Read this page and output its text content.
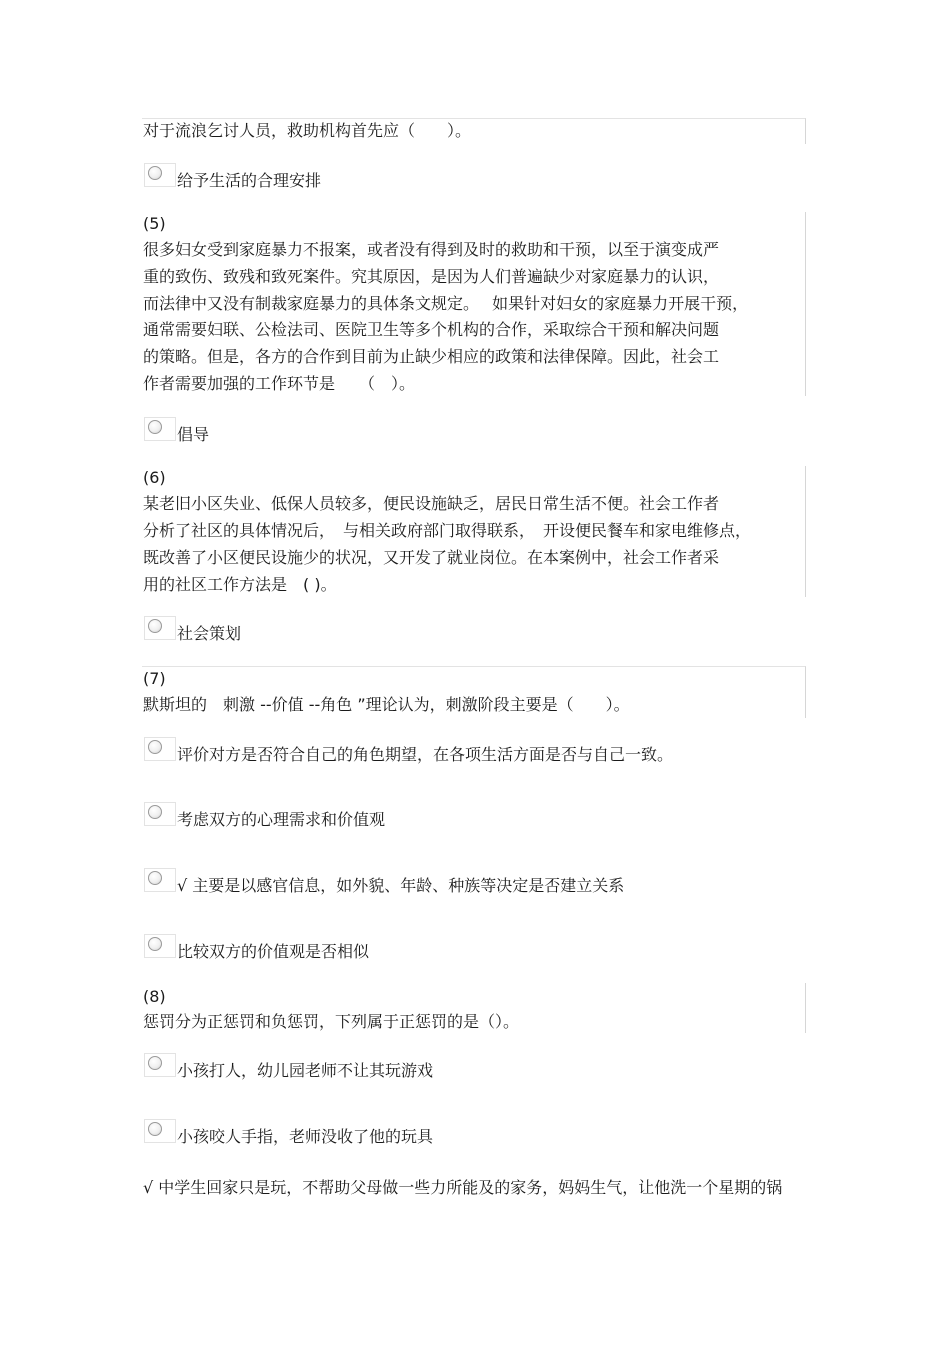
对于流浪乞讨人员，救助机构首先应（　　）。
给予生活的合理安排
(5)
很多妇女受到家庭暴力不报案，或者没有得到及时的救助和干预，以至于演变成严
重的致伤、致残和致死案件。究其原因，是因为人们普遍缺少对家庭暴力的认识，
而法律中又没有制裁家庭暴力的具体条文规定。　 如果针对妇女的家庭暴力开展干预，
通常需要妇联、公检法司、医院卫生等多个机构的合作，采取综合干预和解决问题
的策略。但是，各方的合作到目前为止缺少相应的政策和法律保障。因此，社会工
作者需要加强的工作环节是　　（　）。
倡导
(6)
某老旧小区失业、低保人员较多，便民设施缺乏，居民日常生活不便。社会工作者
分析了社区的具体情况后，　与相关政府部门取得联系，　开设便民餐车和家电维修点，
既改善了小区便民设施少的状况，又开发了就业岗位。在本案例中，社会工作者采
用的社区工作方法是　( )。
社会策划
(7)
默斯坦的　刺激 --价值 --角色 ”理论认为，刺激阶段主要是（　　）。
评价对方是否符合自己的角色期望，在各项生活方面是否与自己一致。
考虑双方的心理需求和价值观
√ 主要是以感官信息，如外貌、年龄、种族等决定是否建立关系
比较双方的价值观是否相似
(8)
惩罚分为正惩罚和负惩罚，下列属于正惩罚的是（）。
小孩打人，幼儿园老师不让其玩游戏
小孩咬人手指，老师没收了他的玩具
√ 中学生回家只是玩，不帮助父母做一些力所能及的家务，妈妈生气，让他洗一个星期的锅
